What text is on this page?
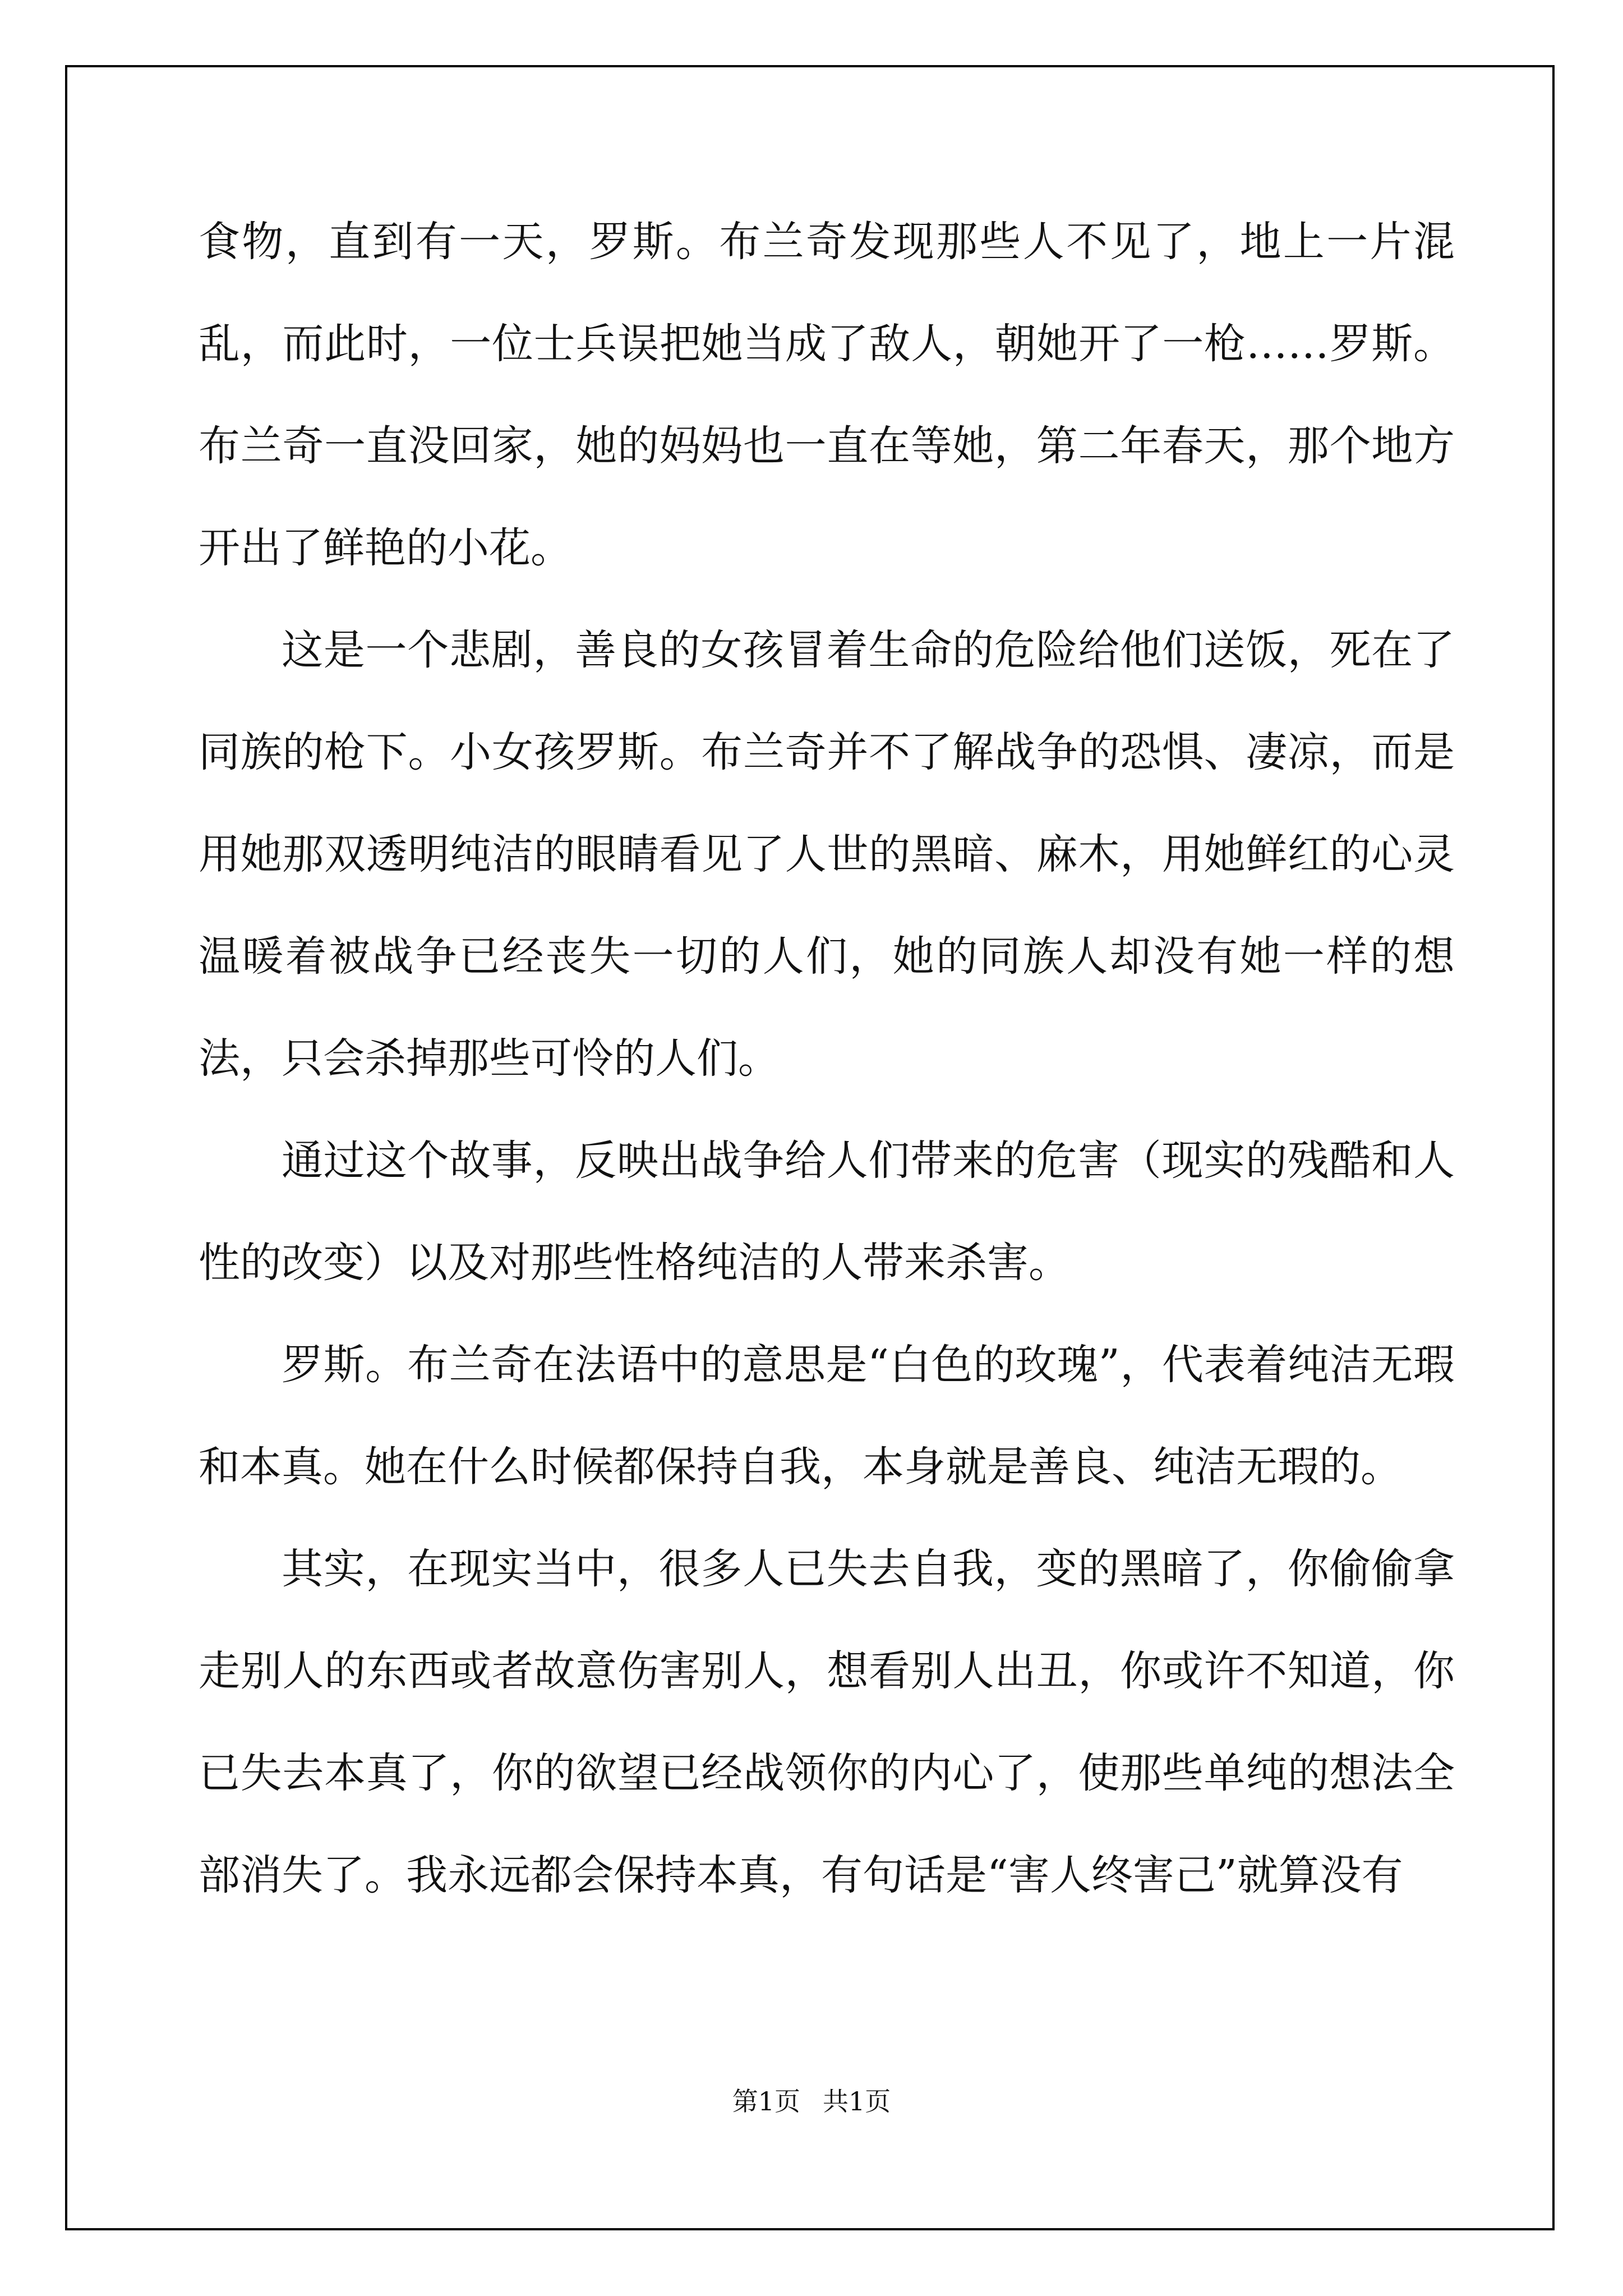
食物，直到有一天，罗斯。布兰奇发现那些人不见了，地上一片混乱，而此时，一位士兵误把她当成了敌人，朝她开了一枪……罗斯。布兰奇一直没回家，她的妈妈也一直在等她，第二年春天，那个地方开出了鲜艳的小花。

这是一个悲剧，善良的女孩冒着生命的危险给他们送饭，死在了同族的枪下。小女孩罗斯。布兰奇并不了解战争的恐惧、凄凉，而是用她那双透明纯洁的眼睛看见了人世的黑暗、麻木，用她鲜红的心灵温暖着被战争已经丧失一切的人们，她的同族人却没有她一样的想法，只会杀掉那些可怜的人们。

通过这个故事，反映出战争给人们带来的危害（现实的残酷和人性的改变）以及对那些性格纯洁的人带来杀害。

罗斯。布兰奇在法语中的意思是“白色的玫瑰”，代表着纯洁无瑕和本真。她在什么时候都保持自我，本身就是善良、纯洁无瑕的。

其实，在现实当中，很多人已失去自我，变的黑暗了，你偷偷拿走别人的东西或者故意伤害别人，想看别人出丑，你或许不知道，你已失去本真了，你的欲望已经战领你的内心了，使那些单纯的想法全部消失了。我永远都会保持本真，有句话是“害人终害己”就算没有

第1页 共1页
